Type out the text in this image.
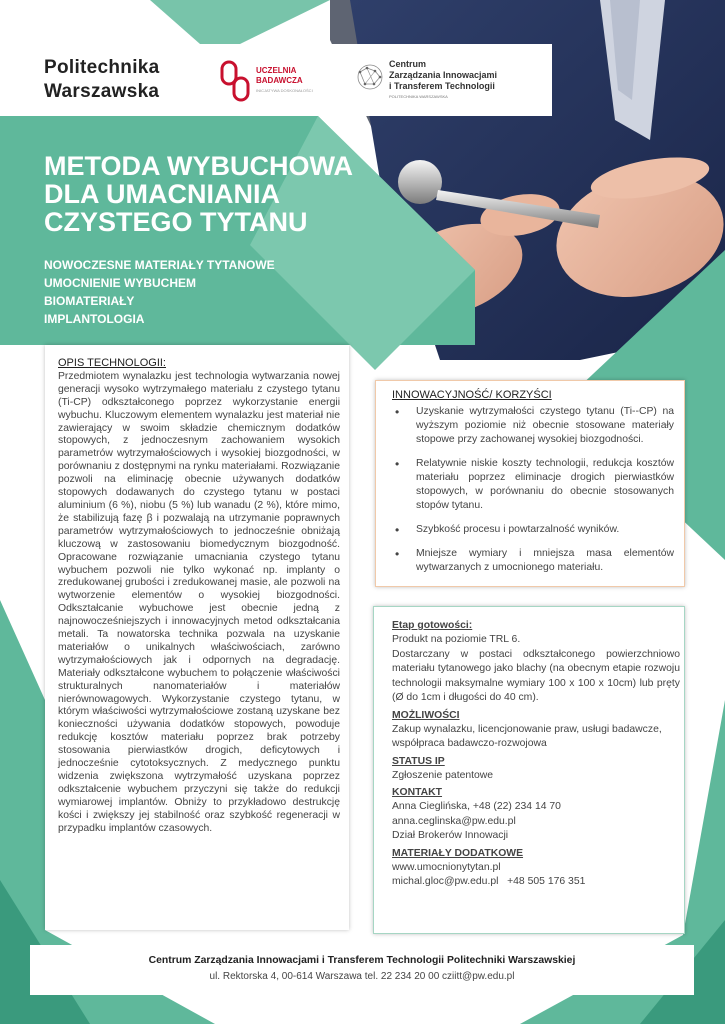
Politechnika
Warszawska
UCZELNIA
BADAWCZA
INICJATYWA DOSKONAŁOŚCI
Centrum
Zarządzania Innowacjami
i Transferem Technologii
POLITECHNIKA WARSZAWSKA
METODA WYBUCHOWA
DLA UMACNIANIA
CZYSTEGO TYTANU
NOWOCZESNE MATERIAŁY TYTANOWE
UMOCNIENIE WYBUCHEM
BIOMATERIAŁY
IMPLANTOLOGIA

OPIS TECHNOLOGII:
Przedmiotem wynalazku jest technologia wytwarzania nowej generacji wysoko wytrzymałego materiału z czystego tytanu (Ti-CP) odkształconego poprzez wykorzystanie energii wybuchu. Kluczowym elementem wynalazku jest materiał nie zawierający w swoim składzie chemicznym dodatków stopowych, z jednoczesnym zachowaniem wysokich parametrów wytrzymałościowych i wysokiej biozgodności, w porównaniu z dostępnymi na rynku materiałami. Rozwiązanie pozwoli na eliminację obecnie używanych dodatków stopowych dodawanych do czystego tytanu w postaci aluminium (6 %), niobu (5 %) lub wanadu (2 %), które mimo, że stabilizują fazę β i pozwalają na utrzymanie poprawnych parametrów wytrzymałościowych to jednocześnie obniżają kluczową w zastosowaniu biomedycznym biozgodność. Opracowane rozwiązanie umacniania czystego tytanu wybuchem pozwoli nie tylko wykonać np. implanty o zredukowanej grubości i zredukowanej masie, ale pozwoli na wytworzenie elementów o wysokiej biozgodności. Odkształcanie wybuchowe jest obecnie jedną z najnowocześniejszych i innowacyjnych metod odkształcania metali. Ta nowatorska technika pozwala na uzyskanie materiałów o unikalnych właściwościach, zarówno wytrzymałościowych jak i odpornych na degradację. Materiały odkształcone wybuchem to połączenie właściwości strukturalnych nanomateriałów i materiałów nierównowagowych. Wykorzystanie czystego tytanu, w którym właściwości wytrzymałościowe zostaną uzyskane bez konieczności używania dodatków stopowych, powoduje redukcję kosztów materiału poprzez brak potrzeby stosowania pierwiastków drogich, deficytowych i jednocześnie cytotoksycznych. Z medycznego punktu widzenia zwiększona wytrzymałość uzyskana poprzez odkształcenie wybuchem przyczyni się także do redukcji wymiarowej implantów. Obniży to przykładowo destrukcję kości i zwiększy jej stabilność oraz szybkość regeneracji w przypadku implantów czasowych.

INNOWACYJNOŚĆ/ KORZYŚCI

• Uzyskanie wytrzymałości czystego tytanu (Ti--CP) na wyższym poziomie niż obecnie stosowane materiały stopowe przy zachowanej wysokiej biozgodności.
• Relatywnie niskie koszty technologii, redukcja kosztów materiału poprzez eliminacje drogich pierwiastków stopowych, w porównaniu do obecnie stosowanych stopów tytanu.
• Szybkość procesu i powtarzalność wyników.
• Mniejsze wymiary i mniejsza masa elementów wytwarzanych z umocnionego materiału.

Etap gotowości:

Produkt na poziomie TRL 6.

Dostarczany w postaci odkształconego powierzchniowo materiału tytanowego jako blachy (na obecnym etapie rozwoju technologii maksymalne wymiary 100 x 100 x 10cm) lub pręty (Ø do 1cm i długości do 40 cm).

MOŻLIWOŚCI

Zakup wynalazku, licencjonowanie praw, usługi badawcze, współpraca badawczo-rozwojowa

STATUS IP

Zgłoszenie patentowe

KONTAKT

Anna Cieglińska, +48 (22) 234 14 70

anna.ceglinska@pw.edu.pl

Dział Brokerów Innowacji

MATERIAŁY DODATKOWE

www.umocnionytytan.pl

michal.gloc@pw.edu.pl   +48 505 176 351

Centrum Zarządzania Innowacjami i Transferem Technologii Politechniki Warszawskiej

ul. Rektorska 4, 00-614 Warszawa tel. 22 234 20 00 cziitt@pw.edu.pl
